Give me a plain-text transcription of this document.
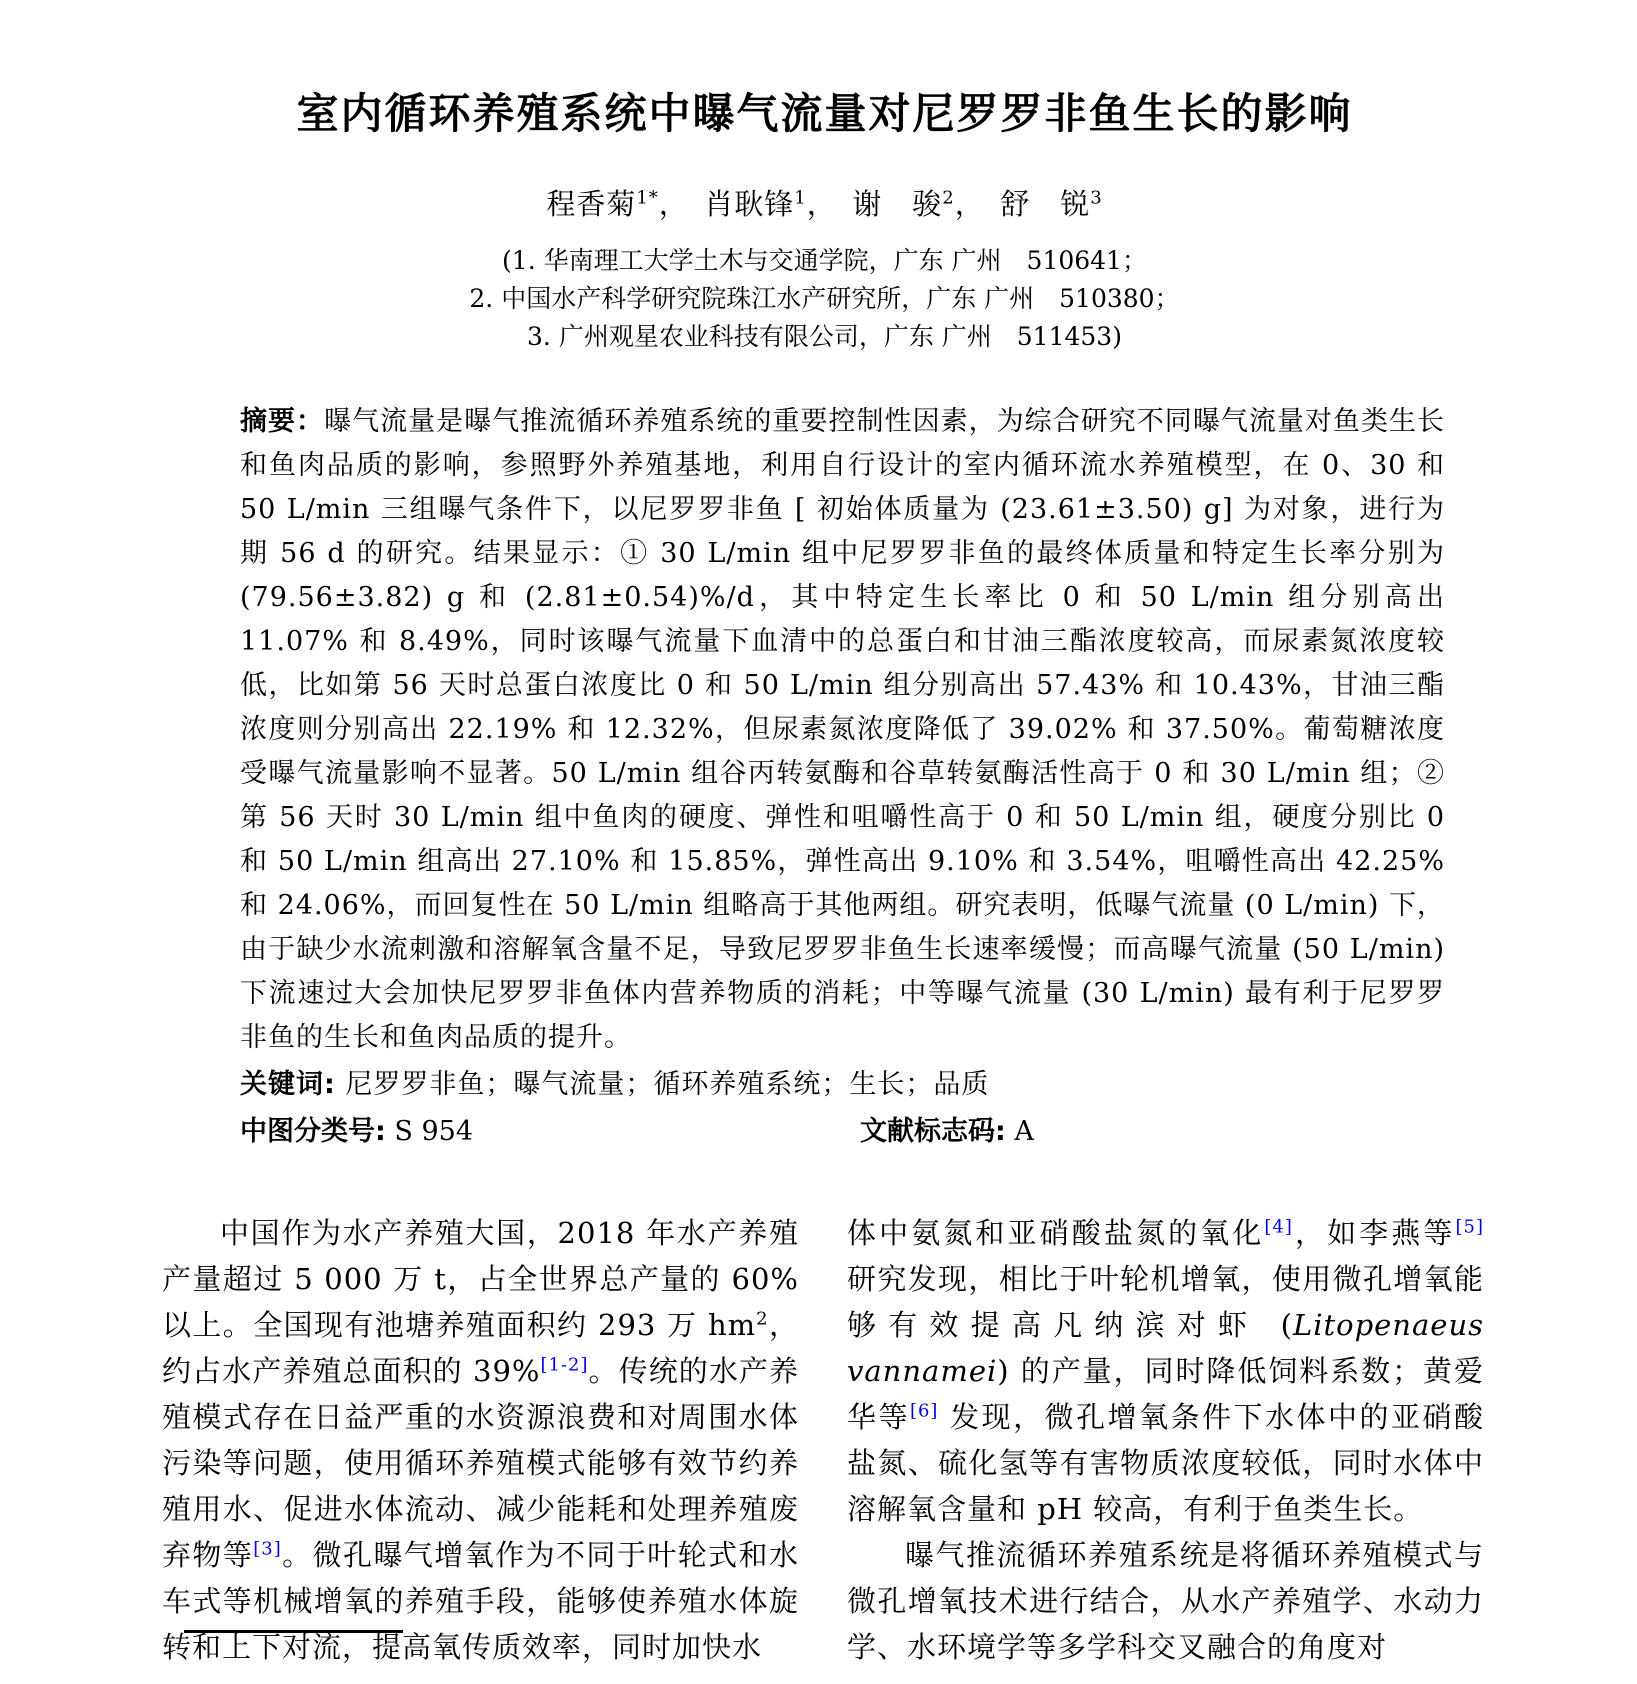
室内循环养殖系统中曝气流量对尼罗罗非鱼生长的影响
程香菊$^{1*}$，　肖耿锋$^1$，　谢　骏$^2$，　舒　锐$^3$
(1. 华南理工大学土木与交通学院，广东 广州　510641；
2. 中国水产科学研究院珠江水产研究所，广东 广州　510380；
3. 广州观星农业科技有限公司，广东 广州　511453)
摘要：曝气流量是曝气推流循环养殖系统的重要控制性因素，为综合研究不同曝气流量对鱼类生长和鱼肉品质的影响，参照野外养殖基地，利用自行设计的室内循环流水养殖模型，在 0、30 和 50 L/min 三组曝气条件下，以尼罗罗非鱼 [ 初始体质量为 (23.61±3.50) g] 为对象，进行为期 56 d 的研究。结果显示：① 30 L/min 组中尼罗罗非鱼的最终体质量和特定生长率分别为 (79.56±3.82) g 和 (2.81±0.54)%/d，其中特定生长率比 0 和 50 L/min 组分别高出 11.07% 和 8.49%，同时该曝气流量下血清中的总蛋白和甘油三酯浓度较高，而尿素氮浓度较低，比如第 56 天时总蛋白浓度比 0 和 50 L/min 组分别高出 57.43% 和 10.43%，甘油三酯浓度则分别高出 22.19% 和 12.32%，但尿素氮浓度降低了 39.02% 和 37.50%。葡萄糖浓度受曝气流量影响不显著。50 L/min 组谷丙转氨酶和谷草转氨酶活性高于 0 和 30 L/min 组；② 第 56 天时 30 L/min 组中鱼肉的硬度、弹性和咀嚼性高于 0 和 50 L/min 组，硬度分别比 0 和 50 L/min 组高出 27.10% 和 15.85%，弹性高出 9.10% 和 3.54%，咀嚼性高出 42.25% 和 24.06%，而回复性在 50 L/min 组略高于其他两组。研究表明，低曝气流量 (0 L/min) 下，由于缺少水流刺激和溶解氧含量不足，导致尼罗罗非鱼生长速率缓慢；而高曝气流量 (50 L/min) 下流速过大会加快尼罗罗非鱼体内营养物质的消耗；中等曝气流量 (30 L/min) 最有利于尼罗罗非鱼的生长和鱼肉品质的提升。
关键词: 尼罗罗非鱼；曝气流量；循环养殖系统；生长；品质
中图分类号: S 954	文献标志码: A

中国作为水产养殖大国，2018 年水产养殖产量超过 5 000 万 t，占全世界总产量的 60% 以上。全国现有池塘养殖面积约 293 万 $hm^2$，约占水产养殖总面积的 39%[1-2]。传统的水产养殖模式存在日益严重的水资源浪费和对周围水体污染等问题，使用循环养殖模式能够有效节约养殖用水、促进水体流动、减少能耗和处理养殖废弃物等[3]。微孔曝气增氧作为不同于叶轮式和水车式等机械增氧的养殖手段，能够使养殖水体旋转和上下对流，提高氧传质效率，同时加快水

体中氨氮和亚硝酸盐氮的氧化[4]，如李燕等[5] 研究发现，相比于叶轮机增氧，使用微孔增氧能够有效提高凡纳滨对虾 (Litopenaeus vannamei) 的产量，同时降低饲料系数；黄爱华等[6] 发现，微孔增氧条件下水体中的亚硝酸盐氮、硫化氢等有害物质浓度较低，同时水体中溶解氧含量和 pH 较高，有利于鱼类生长。

曝气推流循环养殖系统是将循环养殖模式与微孔增氧技术进行结合，从水产养殖学、水动力学、水环境学等多学科交叉融合的角度对
